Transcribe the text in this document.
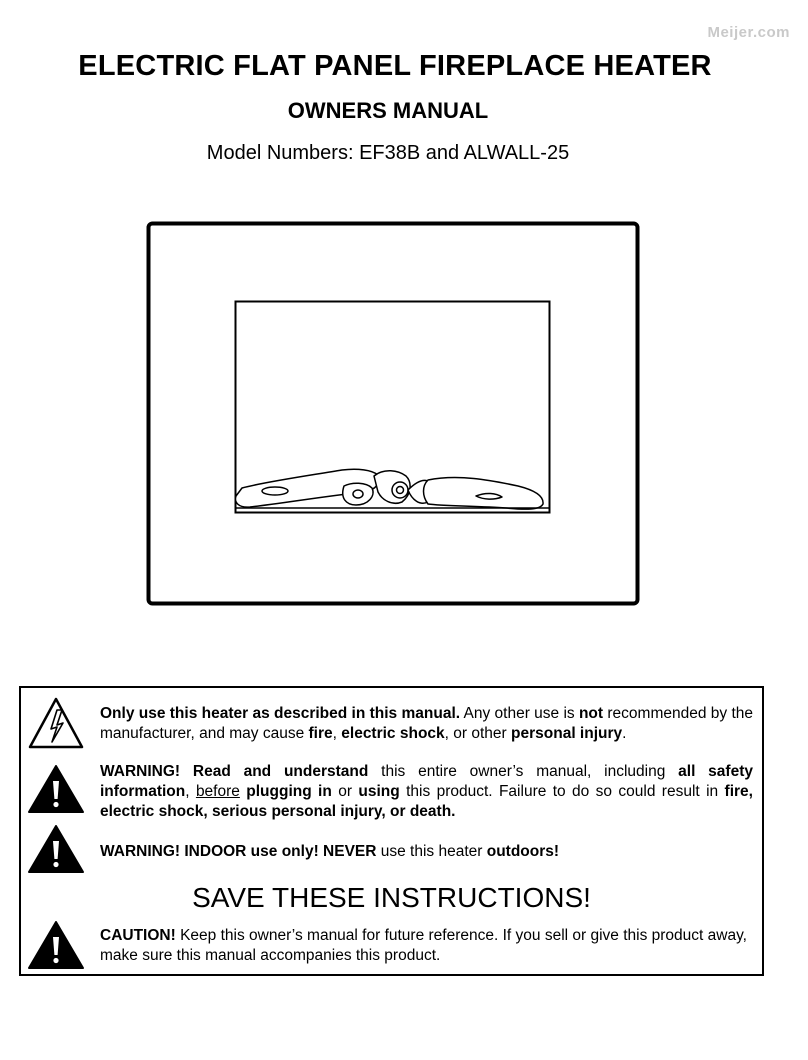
Meijer.com
ELECTRIC FLAT PANEL FIREPLACE HEATER
OWNERS MANUAL
Model Numbers: EF38B and ALWALL-25
Only use this heater as described in this manual. Any other use is not recommended by the manufacturer, and may cause fire, electric shock, or other personal injury.
WARNING! Read and understand this entire owner’s manual, including all safety information, before plugging in or using this product. Failure to do so could result in fire, electric shock, serious personal injury, or death.
WARNING! INDOOR use only! NEVER use this heater outdoors!
SAVE THESE INSTRUCTIONS!
CAUTION! Keep this owner’s manual for future reference. If you sell or give this product away, make sure this manual accompanies this product.
